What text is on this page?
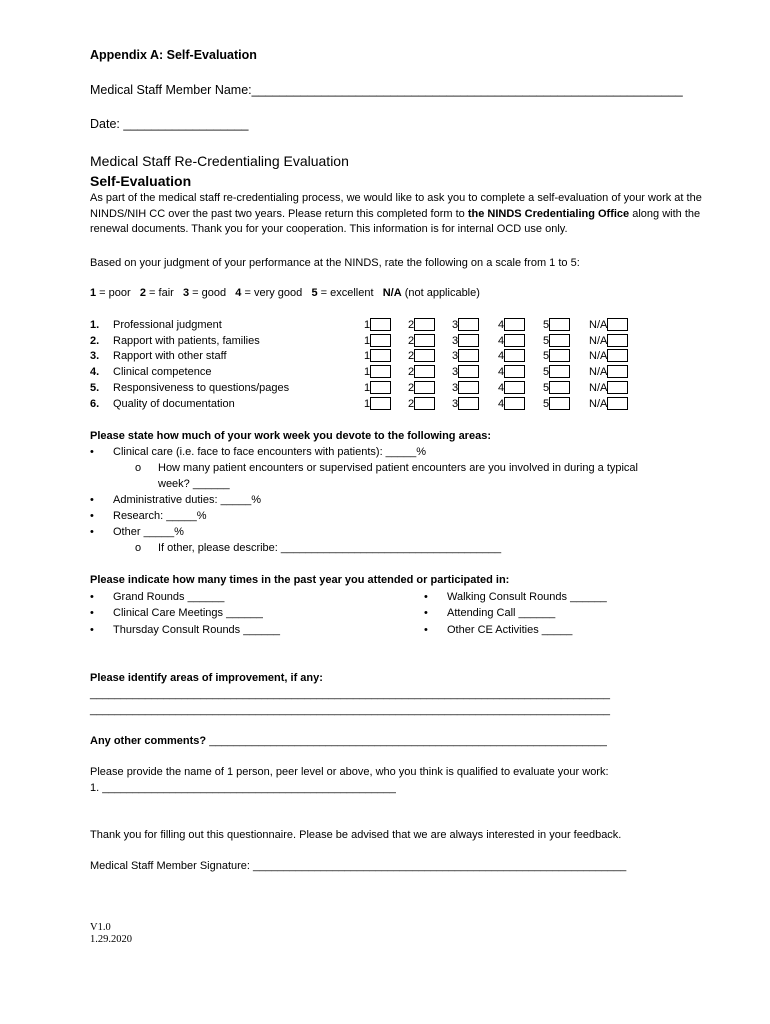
Appendix A: Self-Evaluation
Medical Staff Member Name:______________________________________________________________
Date: __________________
Medical Staff Re-Credentialing Evaluation
Self-Evaluation
As part of the medical staff re-credentialing process, we would like to ask you to complete a self-evaluation of your work at the NINDS/NIH CC over the past two years. Please return this completed form to the NINDS Credentialing Office along with the renewal documents. Thank you for your cooperation. This information is for internal OCD use only.
Based on your judgment of your performance at the NINDS, rate the following on a scale from 1 to 5:
1 = poor   2 = fair   3 = good   4 = very good   5 = excellent   N/A (not applicable)
1. Professional judgment	1	2	3	4	5	N/A
2. Rapport with patients, families	1	2	3	4	5	N/A
3. Rapport with other staff	1	2	3	4	5	N/A
4. Clinical competence	1	2	3	4	5	N/A
5. Responsiveness to questions/pages	1	2	3	4	5	N/A
6. Quality of documentation	1	2	3	4	5	N/A
Please state how much of your work week you devote to the following areas:
• Clinical care (i.e. face to face encounters with patients): _____%
o How many patient encounters or supervised patient encounters are you involved in during a typical
week? ______
• Administrative duties: _____%
• Research: _____%
• Other _____%
o If other, please describe: ____________________________________
Please indicate how many times in the past year you attended or participated in:
• Grand Rounds ______
• Clinical Care Meetings ______
• Thursday Consult Rounds ______
• Walking Consult Rounds ______
• Attending Call ______
• Other CE Activities _____
Please identify areas of improvement, if any:
_____________________________________________________________________________________
_____________________________________________________________________________________
Any other comments? _________________________________________________________________
Please provide the name of 1 person, peer level or above, who you think is qualified to evaluate your work:
1. ________________________________________________
Thank you for filling out this questionnaire. Please be advised that we are always interested in your feedback.
Medical Staff Member Signature: _____________________________________________________________
V1.0
1.29.2020
